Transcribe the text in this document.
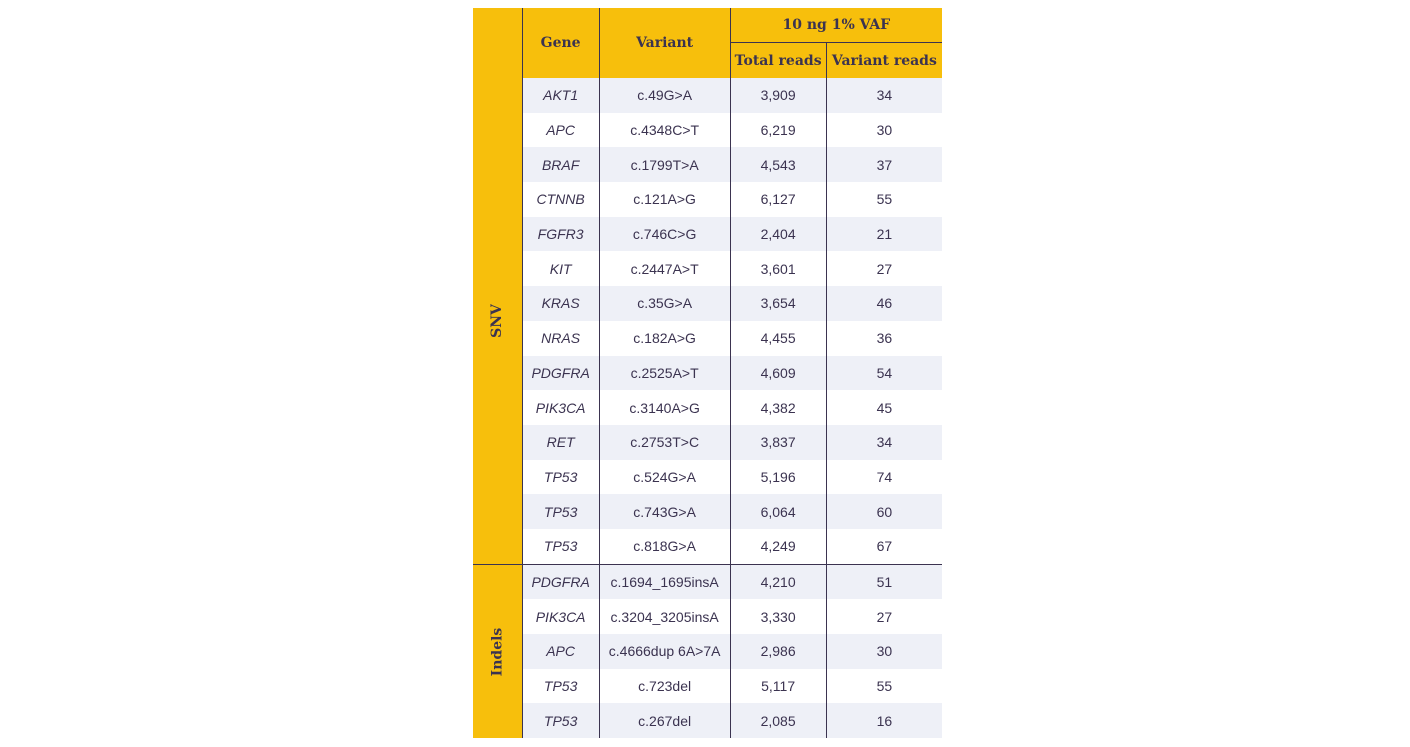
	Gene	Variant	10 ng 1% VAF	
			Total reads	Variant reads
SNV	AKT1	c.49G>A	3,909	34
	APC	c.4348C>T	6,219	30
	BRAF	c.1799T>A	4,543	37
	CTNNB	c.121A>G	6,127	55
	FGFR3	c.746C>G	2,404	21
	KIT	c.2447A>T	3,601	27
	KRAS	c.35G>A	3,654	46
	NRAS	c.182A>G	4,455	36
	PDGFRA	c.2525A>T	4,609	54
	PIK3CA	c.3140A>G	4,382	45
	RET	c.2753T>C	3,837	34
	TP53	c.524G>A	5,196	74
	TP53	c.743G>A	6,064	60
	TP53	c.818G>A	4,249	67
Indels	PDGFRA	c.1694_1695insA	4,210	51
	PIK3CA	c.3204_3205insA	3,330	27
	APC	c.4666dup 6A>7A	2,986	30
	TP53	c.723del	5,117	55
	TP53	c.267del	2,085	16
